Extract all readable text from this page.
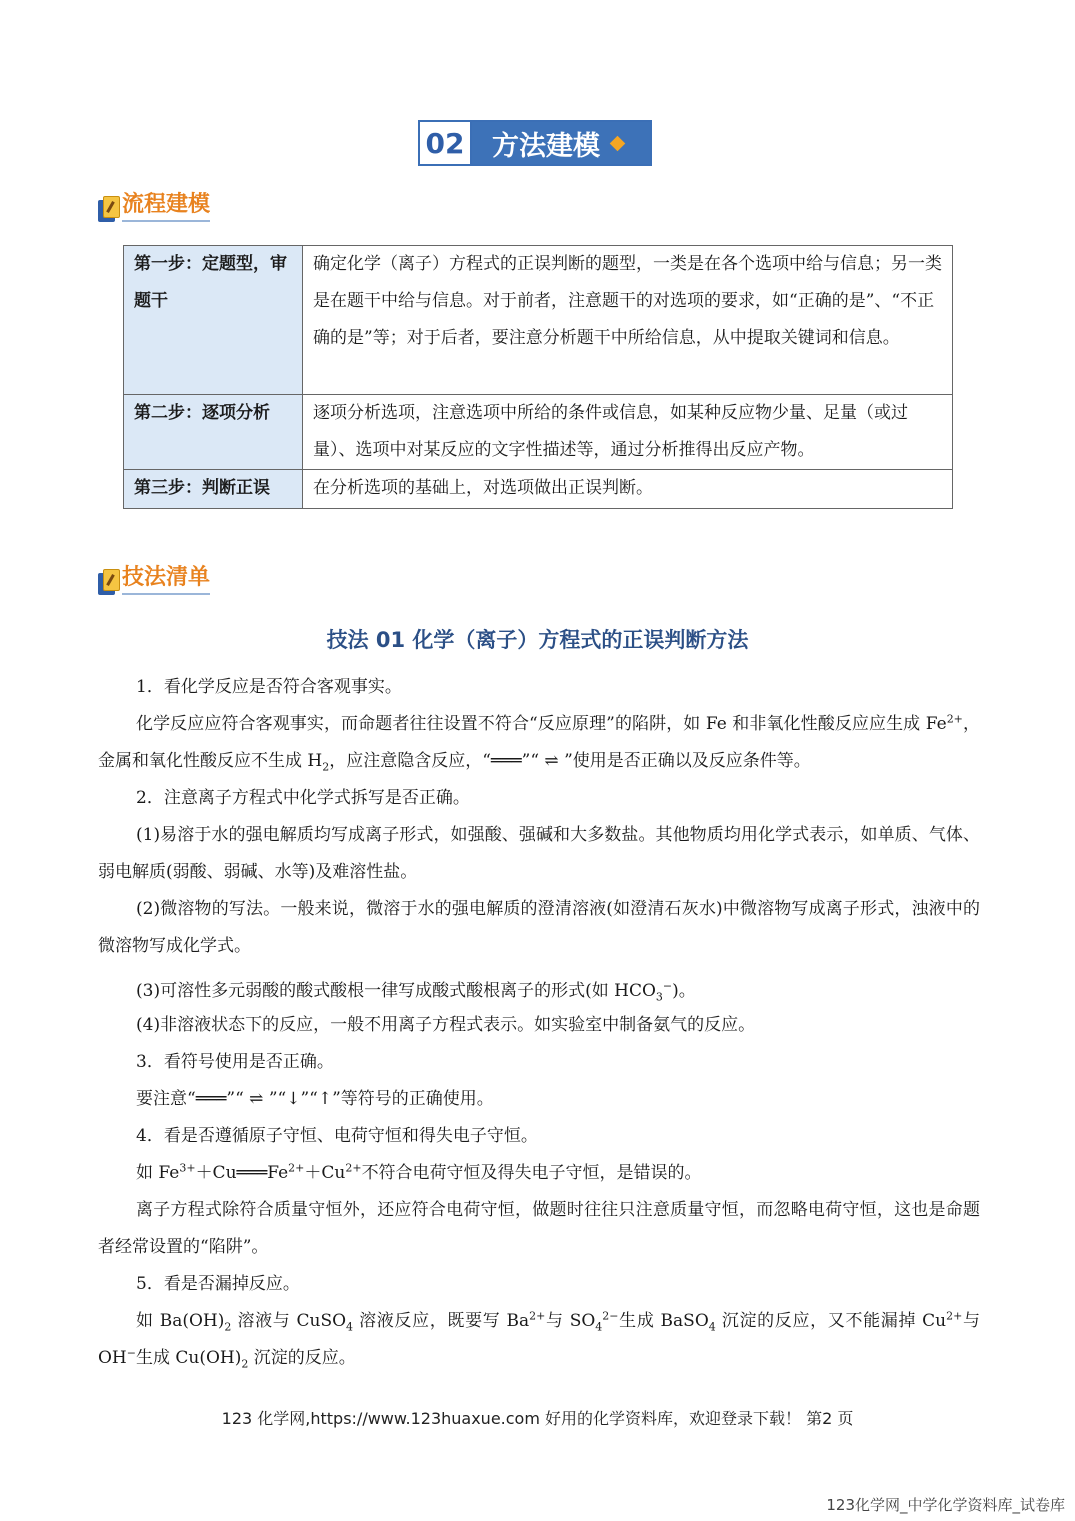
02 方法建模
流程建模
第一步：定题型，审题干	确定化学（离子）方程式的正误判断的题型，一类是在各个选项中给与信息；另一类是在题干中给与信息。对于前者，注意题干的对选项的要求，如“正确的是”、“不正确的是”等；对于后者，要注意分析题干中所给信息，从中提取关键词和信息。
第二步：逐项分析	逐项分析选项，注意选项中所给的条件或信息，如某种反应物少量、足量（或过量）、选项中对某反应的文字性描述等，通过分析推得出反应产物。
第三步：判断正误	在分析选项的基础上，对选项做出正误判断。
技法清单
技法 01 化学（离子）方程式的正误判断方法
1．看化学反应是否符合客观事实。
化学反应应符合客观事实，而命题者往往设置不符合“反应原理”的陷阱，如 Fe 和非氧化性酸反应应生成 $Fe^{2+}$，金属和氧化性酸反应不生成 $H_2$，应注意隐含反应，“═══”“ ⇌ ”使用是否正确以及反应条件等。
2．注意离子方程式中化学式拆写是否正确。
(1)易溶于水的强电解质均写成离子形式，如强酸、强碱和大多数盐。其他物质均用化学式表示，如单质、气体、弱电解质(弱酸、弱碱、水等)及难溶性盐。
(2)微溶物的写法。一般来说，微溶于水的强电解质的澄清溶液(如澄清石灰水)中微溶物写成离子形式，浊液中的微溶物写成化学式。
(3)可溶性多元弱酸的酸式酸根一律写成酸式酸根离子的形式(如 $HCO_3^-$)。
(4)非溶液状态下的反应，一般不用离子方程式表示。如实验室中制备氨气的反应。
3．看符号使用是否正确。
要注意“═══”“ ⇌ ”“↓”“↑”等符号的正确使用。
4．看是否遵循原子守恒、电荷守恒和得失电子守恒。
如 $Fe^{3+}+Cu═══Fe^{2+}+Cu^{2+}$不符合电荷守恒及得失电子守恒，是错误的。
离子方程式除符合质量守恒外，还应符合电荷守恒，做题时往往只注意质量守恒，而忽略电荷守恒，这也是命题者经常设置的“陷阱”。
5．看是否漏掉反应。
如 $Ba(OH)_2$ 溶液与 CuSO$_4$ 溶液反应，既要写 $Ba^{2+}$与 $SO_4^{2-}$生成 BaSO$_4$ 沉淀的反应，又不能漏掉 $Cu^{2+}$与 OH−生成 $Cu(OH)_2$ 沉淀的反应。
123 化学网,https://www.123huaxue.com 好用的化学资料库，欢迎登录下载！ 第2 页
123化学网_中学化学资料库_试卷库
